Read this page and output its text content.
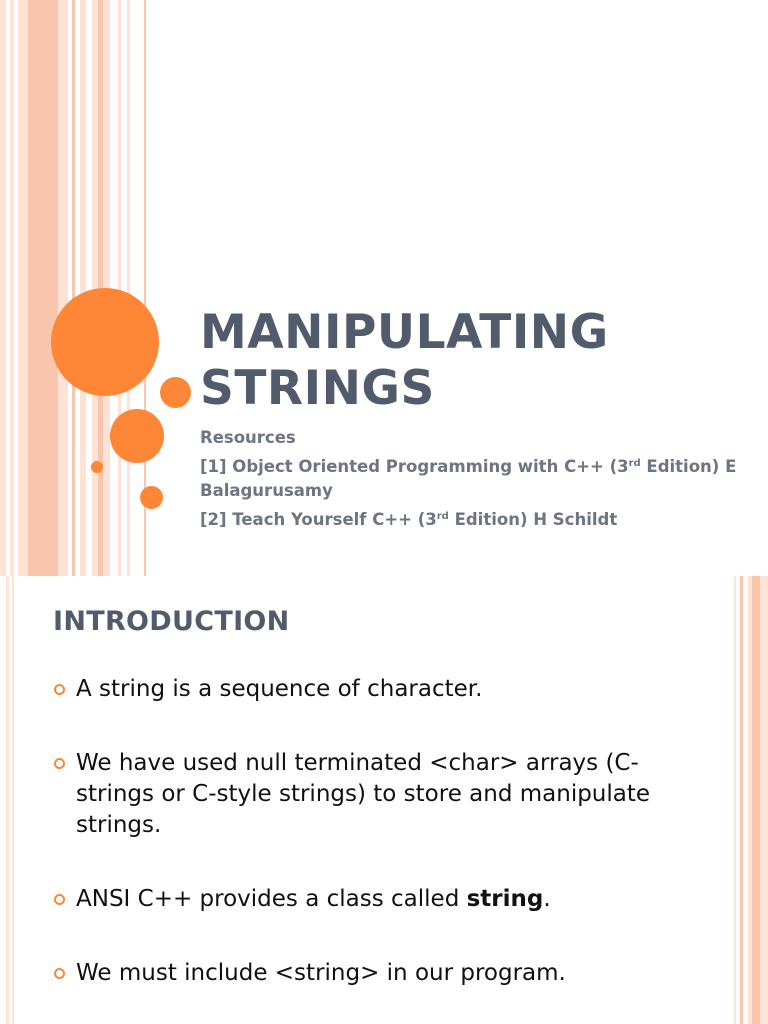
MANIPULATING
STRINGS
Resources
[1] Object Oriented Programming with C++ (3rd Edition) E Balagurusamy
[2] Teach Yourself C++ (3rd Edition) H Schildt
INTRODUCTION
A string is a sequence of character.
We have used null terminated <char> arrays (C-strings or C-style strings) to store and manipulate strings.
ANSI C++ provides a class called string.
We must include <string> in our program.
